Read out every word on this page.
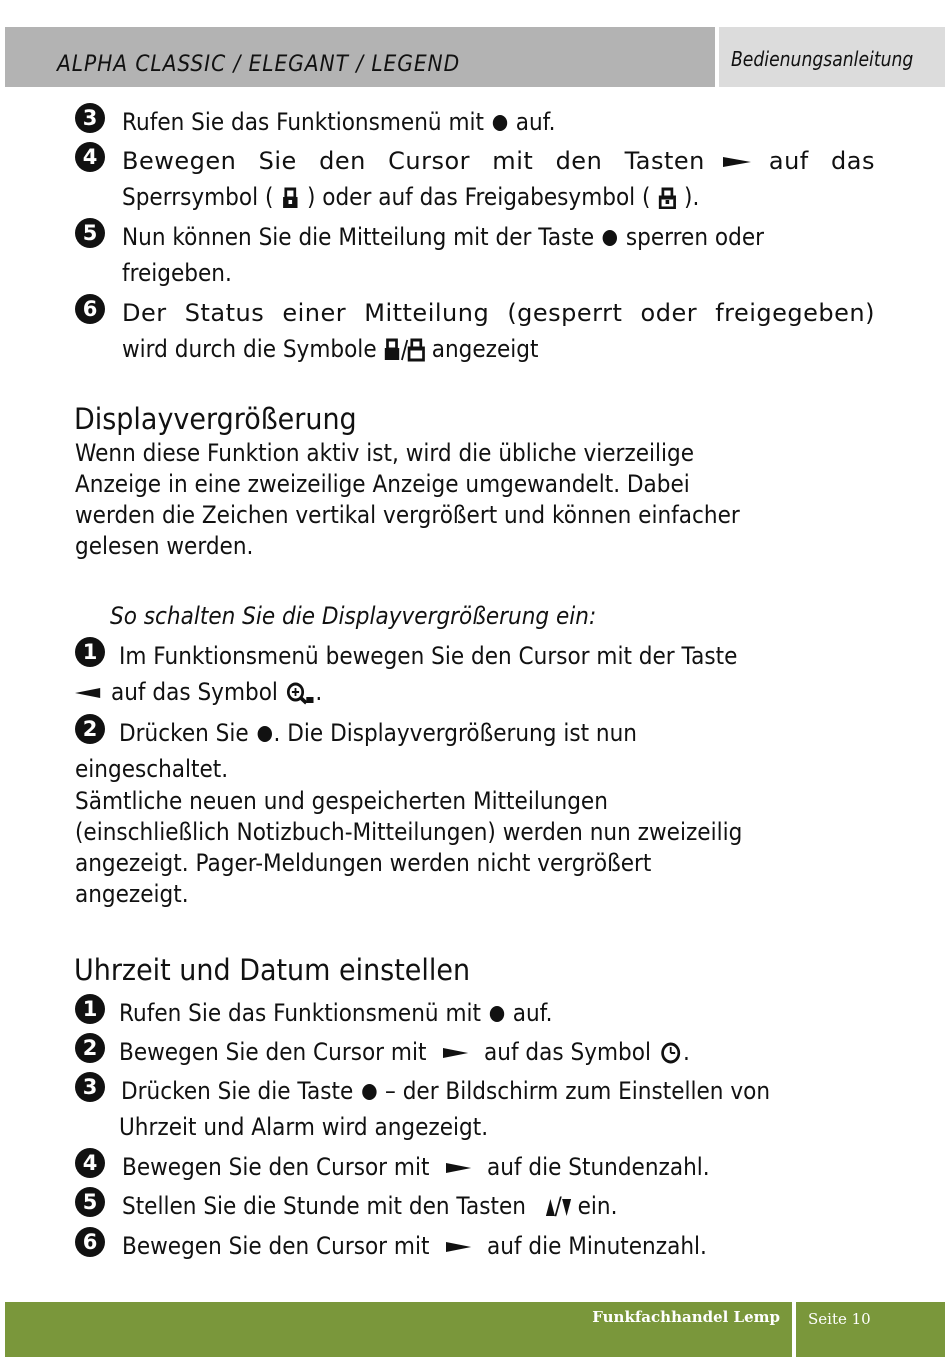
ALPHA CLASSIC / ELEGANT / LEGEND	Bedienungsanleitung
3	Rufen Sie das Funktionsmenü mit auf.
4	Bewegen Sie den Cursor mit den Tasten	auf das
Sperrsymbol ( ) oder auf das Freigabesymbol ( ).
5	Nun können Sie die Mitteilung mit der Taste sperren oder
freigeben.
6	Der Status einer Mitteilung (gesperrt oder freigegeben)
wird durch die Symbole angezeigt
Displayvergrößerung
Wenn diese Funktion aktiv ist, wird die übliche vierzeilige
Anzeige in eine zweizeilige Anzeige umgewandelt. Dabei
werden die Zeichen vertikal vergrößert und können einfacher
gelesen werden.
So schalten Sie die Displayvergrößerung ein:
1 Im Funktionsmenü bewegen Sie den Cursor mit der Taste
auf das Symbol .
2 Drücken Sie . Die Displayvergrößerung ist nun
eingeschaltet.
Sämtliche neuen und gespeicherten Mitteilungen
(einschließlich Notizbuch-Mitteilungen) werden nun zweizeilig
angezeigt. Pager-Meldungen werden nicht vergrößert
angezeigt.
Uhrzeit und Datum einstellen
1 Rufen Sie das Funktionsmenü mit auf.
2 Bewegen Sie den Cursor mit auf das Symbol .
3 Drücken Sie die Taste – der Bildschirm zum Einstellen von
Uhrzeit und Alarm wird angezeigt.
4	Bewegen Sie den Cursor mit auf die Stundenzahl.
5	Stellen Sie die Stunde mit den Tasten / ein.
6	Bewegen Sie den Cursor mit auf die Minutenzahl.
Funkfachhandel Lemp Seite 10
